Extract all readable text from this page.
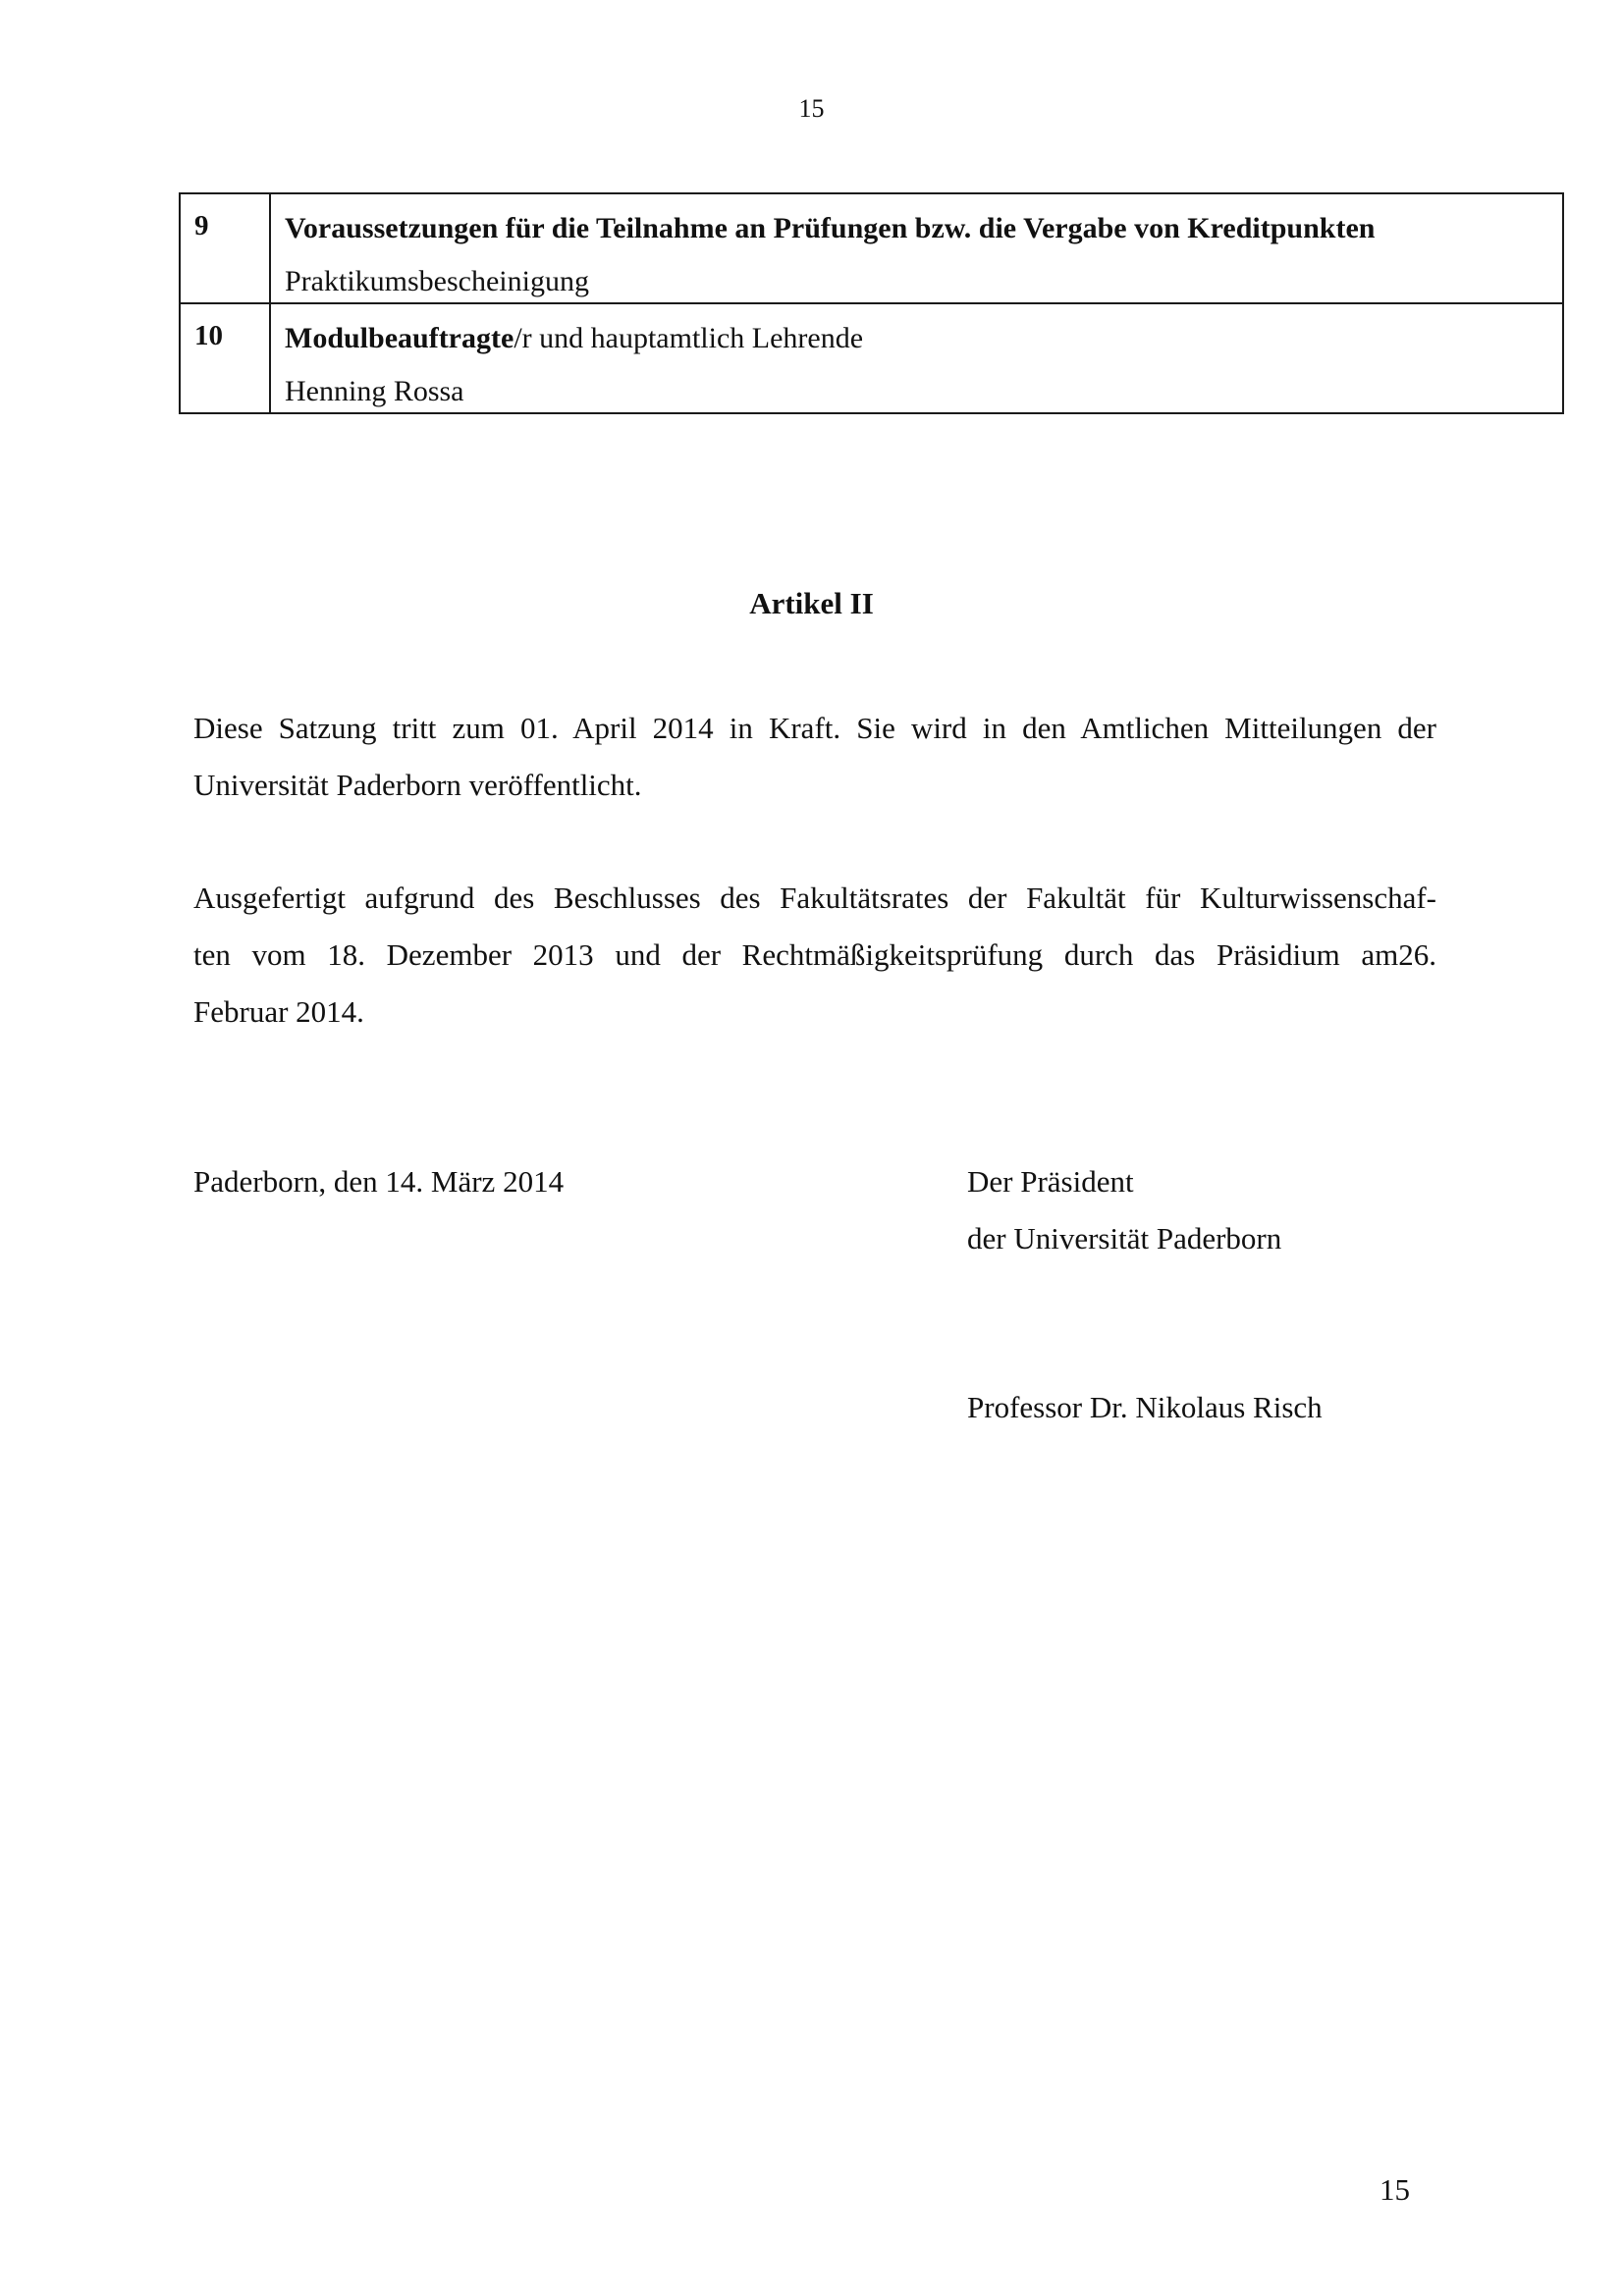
15
9	Voraussetzungen für die Teilnahme an Prüfungen bzw. die Vergabe von Kreditpunkten
Praktikumsbescheinigung

10	Modulbeauftragte/r und hauptamtlich Lehrende
Henning Rossa
Artikel II
Diese Satzung tritt zum 01. April 2014 in Kraft. Sie wird in den Amtlichen Mitteilungen der Universität Paderborn veröffentlicht.
Ausgefertigt aufgrund des Beschlusses des Fakultätsrates der Fakultät für Kulturwissenschaf-
ten vom 18. Dezember 2013 und der Rechtmäßigkeitsprüfung durch das Präsidium am26.
Februar 2014.
Paderborn, den 14. März 2014	Der Präsident
der Universität Paderborn
Professor Dr. Nikolaus Risch
15
